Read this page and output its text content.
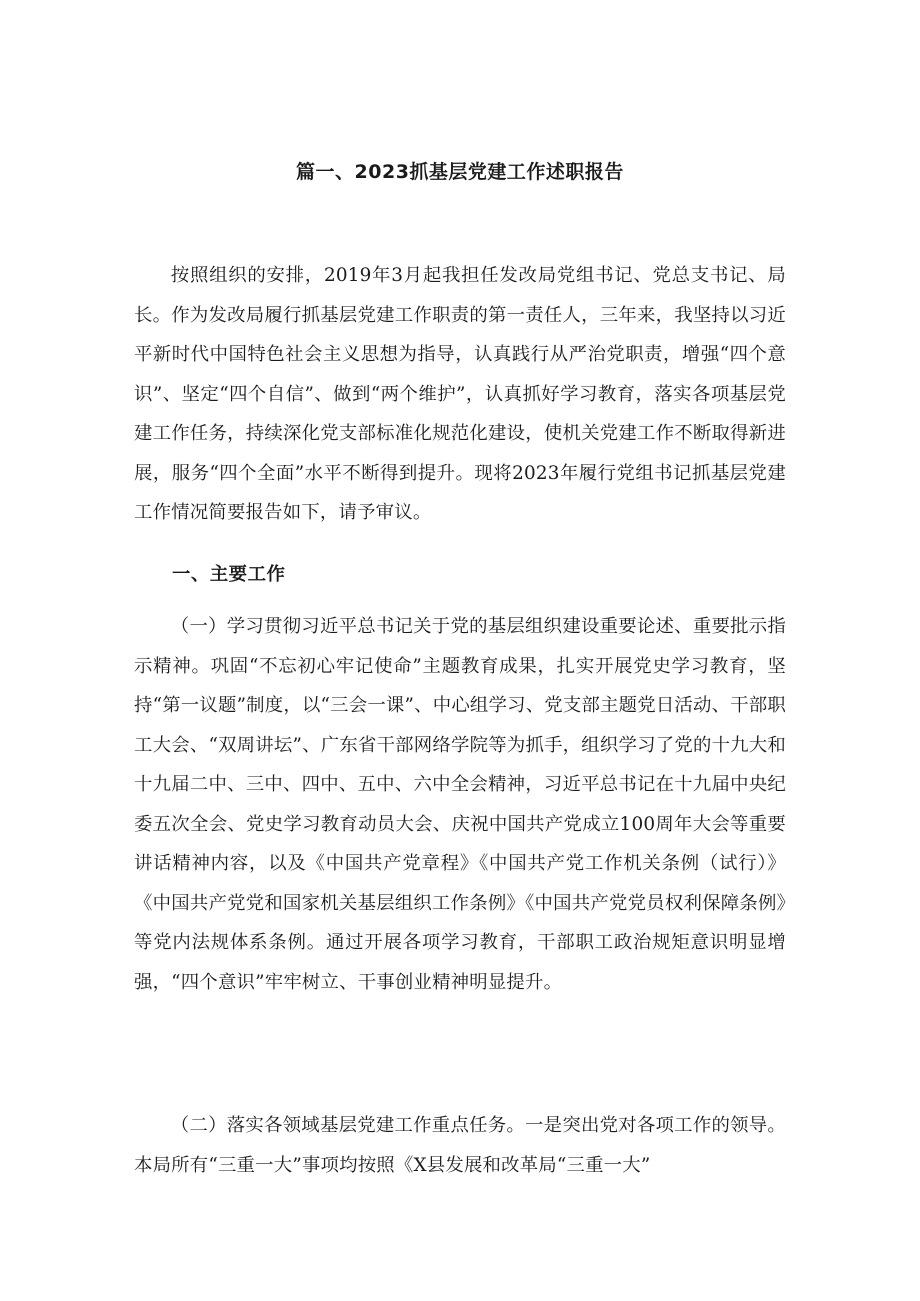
篇一、2023抓基层党建工作述职报告

按照组织的安排，2019年3月起我担任发改局党组书记、党总支书记、局长。作为发改局履行抓基层党建工作职责的第一责任人，三年来，我坚持以习近平新时代中国特色社会主义思想为指导，认真践行从严治党职责，增强“四个意识”、坚定“四个自信”、做到“两个维护”，认真抓好学习教育，落实各项基层党建工作任务，持续深化党支部标准化规范化建设，使机关党建工作不断取得新进展，服务“四个全面”水平不断得到提升。现将2023年履行党组书记抓基层党建工作情况简要报告如下，请予审议。

一、主要工作

（一）学习贯彻习近平总书记关于党的基层组织建设重要论述、重要批示指示精神。巩固“不忘初心牢记使命”主题教育成果，扎实开展党史学习教育，坚持“第一议题”制度，以“三会一课”、中心组学习、党支部主题党日活动、干部职工大会、“双周讲坛”、广东省干部网络学院等为抓手，组织学习了党的十九大和十九届二中、三中、四中、五中、六中全会精神，习近平总书记在十九届中央纪委五次全会、党史学习教育动员大会、庆祝中国共产党成立100周年大会等重要讲话精神内容，以及《中国共产党章程》《中国共产党工作机关条例（试行）》《中国共产党党和国家机关基层组织工作条例》《中国共产党党员权利保障条例》等党内法规体系条例。通过开展各项学习教育，干部职工政治规矩意识明显增强，“四个意识”牢牢树立、干事创业精神明显提升。

（二）落实各领域基层党建工作重点任务。一是突出党对各项工作的领导。本局所有“三重一大”事项均按照《X县发展和改革局“三重一大”
